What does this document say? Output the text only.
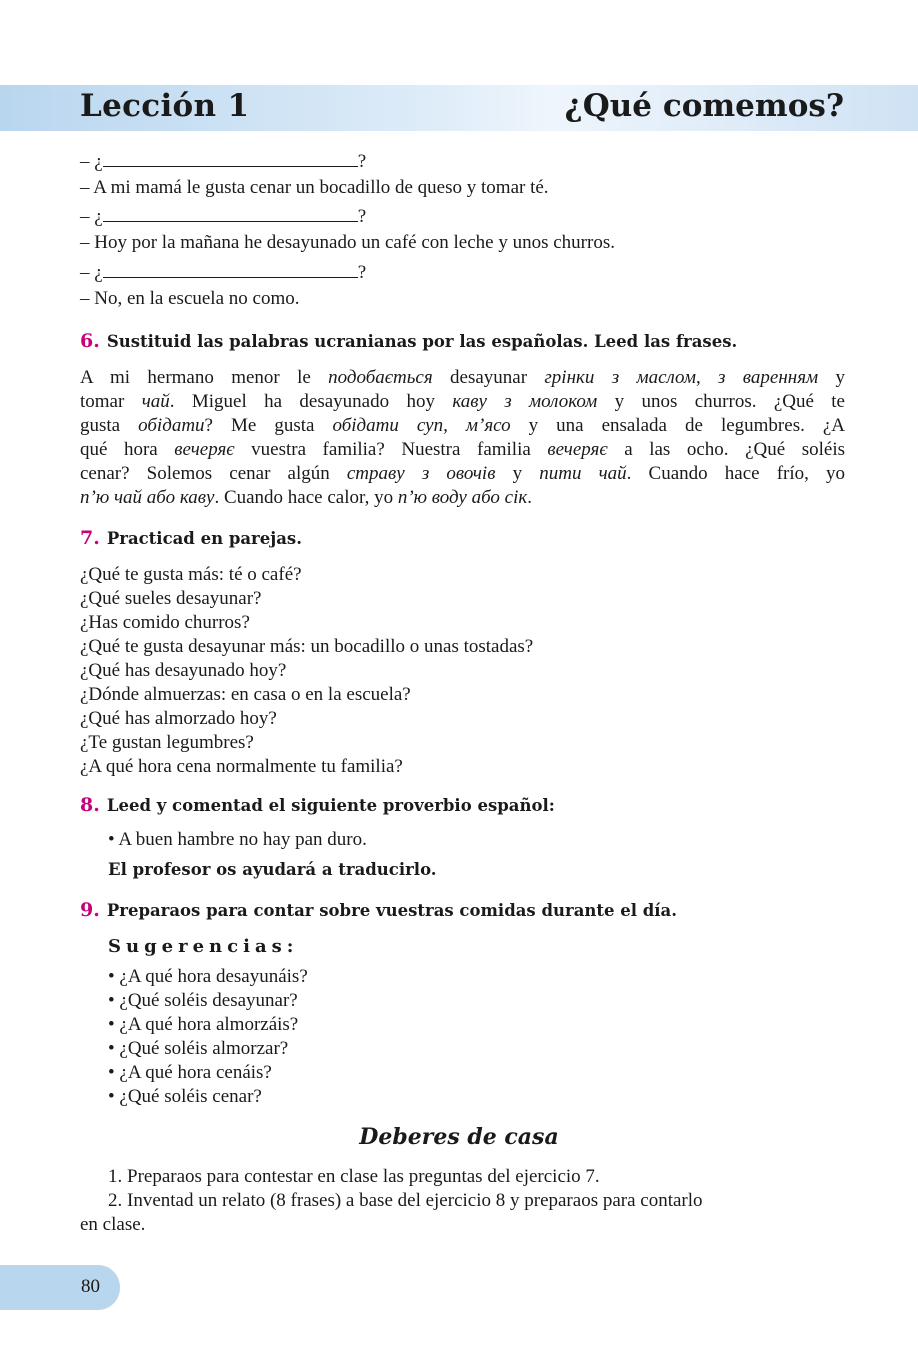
Lección 1	¿Qué comemos?
– ¿	?
– A mi mamá le gusta cenar un bocadillo de queso y tomar té.
– ¿	?
– Hoy por la mañana he desayunado un café con leche y unos churros.
– ¿	?
– No, en la escuela no como.
6. Sustituid las palabras ucranianas por las españolas. Leed las frases.
A mi hermano menor le подобається desayunar грінки з маслом, з варенням y
tomar чай. Miguel ha desayunado hoy каву з молоком y unos churros. ¿Qué te
gusta обідати? Me gusta обідати суп, м’ясо y una ensalada de legumbres. ¿A
qué hora вечеряє vuestra familia? Nuestra familia вечеряє a las ocho. ¿Qué soléis
cenar? Solemos cenar algún страву з овочів y пити чай. Cuando hace frío, yo
п’ю чай або каву. Cuando hace calor, yo п’ю воду або сік.
7. Practicad en parejas.
¿Qué te gusta más: té o café?
¿Qué sueles desayunar?
¿Has comido churros?
¿Qué te gusta desayunar más: un bocadillo o unas tostadas?
¿Qué has desayunado hoy?
¿Dónde almuerzas: en casa o en la escuela?
¿Qué has almorzado hoy?
¿Te gustan legumbres?
¿A qué hora cena normalmente tu familia?
8. Leed y comentad el siguiente proverbio español:
• A buen hambre no hay pan duro.
El profesor os ayudará a traducirlo.
9. Preparaos para contar sobre vuestras comidas durante el día.
Sugerencias:
• ¿A qué hora desayunáis?
• ¿Qué soléis desayunar?
• ¿A qué hora almorzáis?
• ¿Qué soléis almorzar?
• ¿A qué hora cenáis?
• ¿Qué soléis cenar?
Deberes de casa
1. Preparaos para contestar en clase las preguntas del ejercicio 7.
2. Inventad un relato (8 frases) a base del ejercicio 8 y preparaos para contarlo
en clase.
80
